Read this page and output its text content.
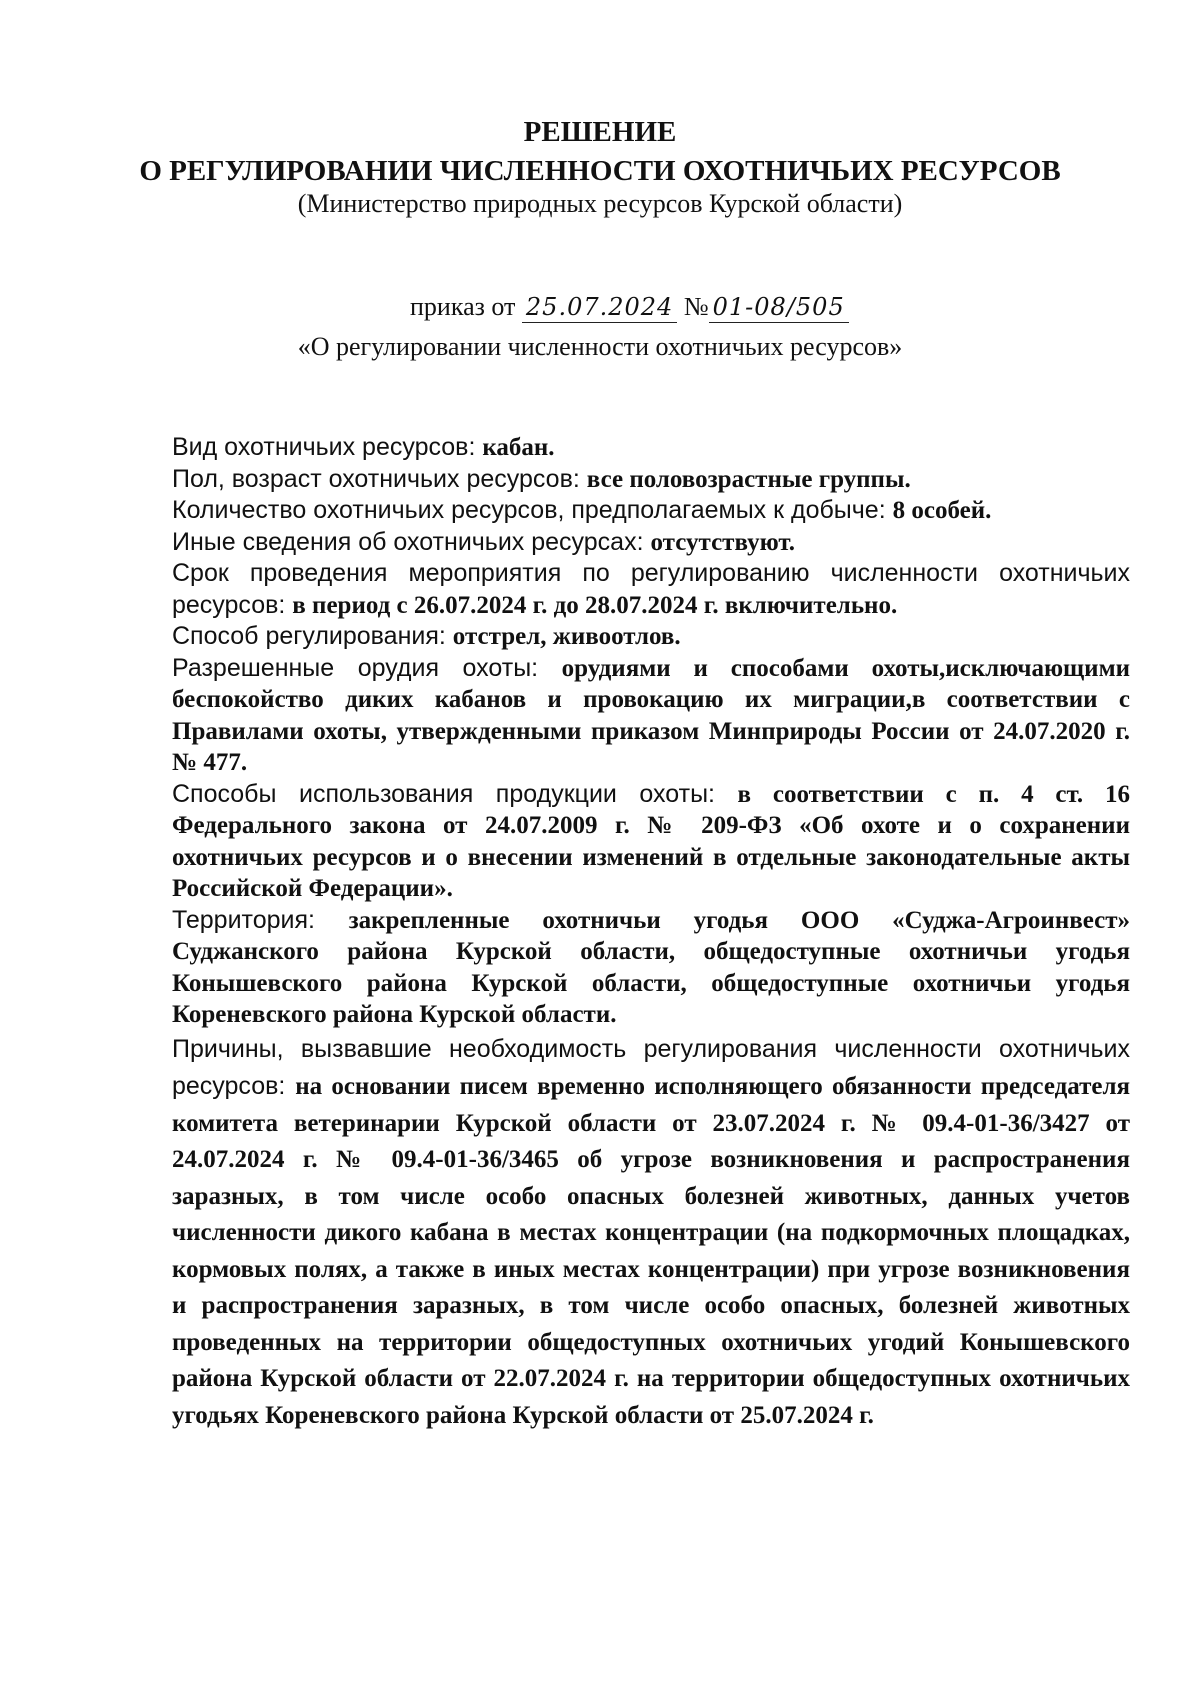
РЕШЕНИЕ
О РЕГУЛИРОВАНИИ ЧИСЛЕННОСТИ ОХОТНИЧЬИХ РЕСУРСОВ
(Министерство природных ресурсов Курской области)
приказ от 25.07.2024 № 01-08/505
«О регулировании численности охотничьих ресурсов»

Вид охотничьих ресурсов: кабан.

Пол, возраст охотничьих ресурсов: все половозрастные группы.

Количество охотничьих ресурсов, предполагаемых к добыче: 8 особей.

Иные сведения об охотничьих ресурсах: отсутствуют.

Срок проведения мероприятия по регулированию численности охотничьих ресурсов: в период с 26.07.2024 г. до 28.07.2024 г. включительно.

Способ регулирования: отстрел, живоотлов.

Разрешенные орудия охоты: орудиями и способами охоты,исключающими беспокойство диких кабанов и провокацию их миграции,в соответствии с Правилами охоты, утвержденными приказом Минприроды России от 24.07.2020 г. № 477.

Способы использования продукции охоты: в соответствии с п. 4 ст. 16 Федерального закона от 24.07.2009 г. № 209-ФЗ «Об охоте и о сохранении охотничьих ресурсов и о внесении изменений в отдельные законодательные акты Российской Федерации».

Территория: закрепленные охотничьи угодья ООО «Суджа-Агроинвест» Суджанского района Курской области, общедоступные охотничьи угодья Конышевского района Курской области, общедоступные охотничьи угодья Кореневского района Курской области.

Причины, вызвавшие необходимость регулирования численности охотничьих ресурсов: на основании писем временно исполняющего обязанности председателя комитета ветеринарии Курской области от 23.07.2024 г. № 09.4-01-36/3427 от 24.07.2024 г. № 09.4-01-36/3465 об угрозе возникновения и распространения заразных, в том числе особо опасных болезней животных, данных учетов численности дикого кабана в местах концентрации (на подкормочных площадках, кормовых полях, а также в иных местах концентрации) при угрозе возникновения и распространения заразных, в том числе особо опасных, болезней животных проведенных на территории общедоступных охотничьих угодий Конышевского района Курской области от 22.07.2024 г. на территории общедоступных охотничьих угодьях Кореневского района Курской области от 25.07.2024 г.
